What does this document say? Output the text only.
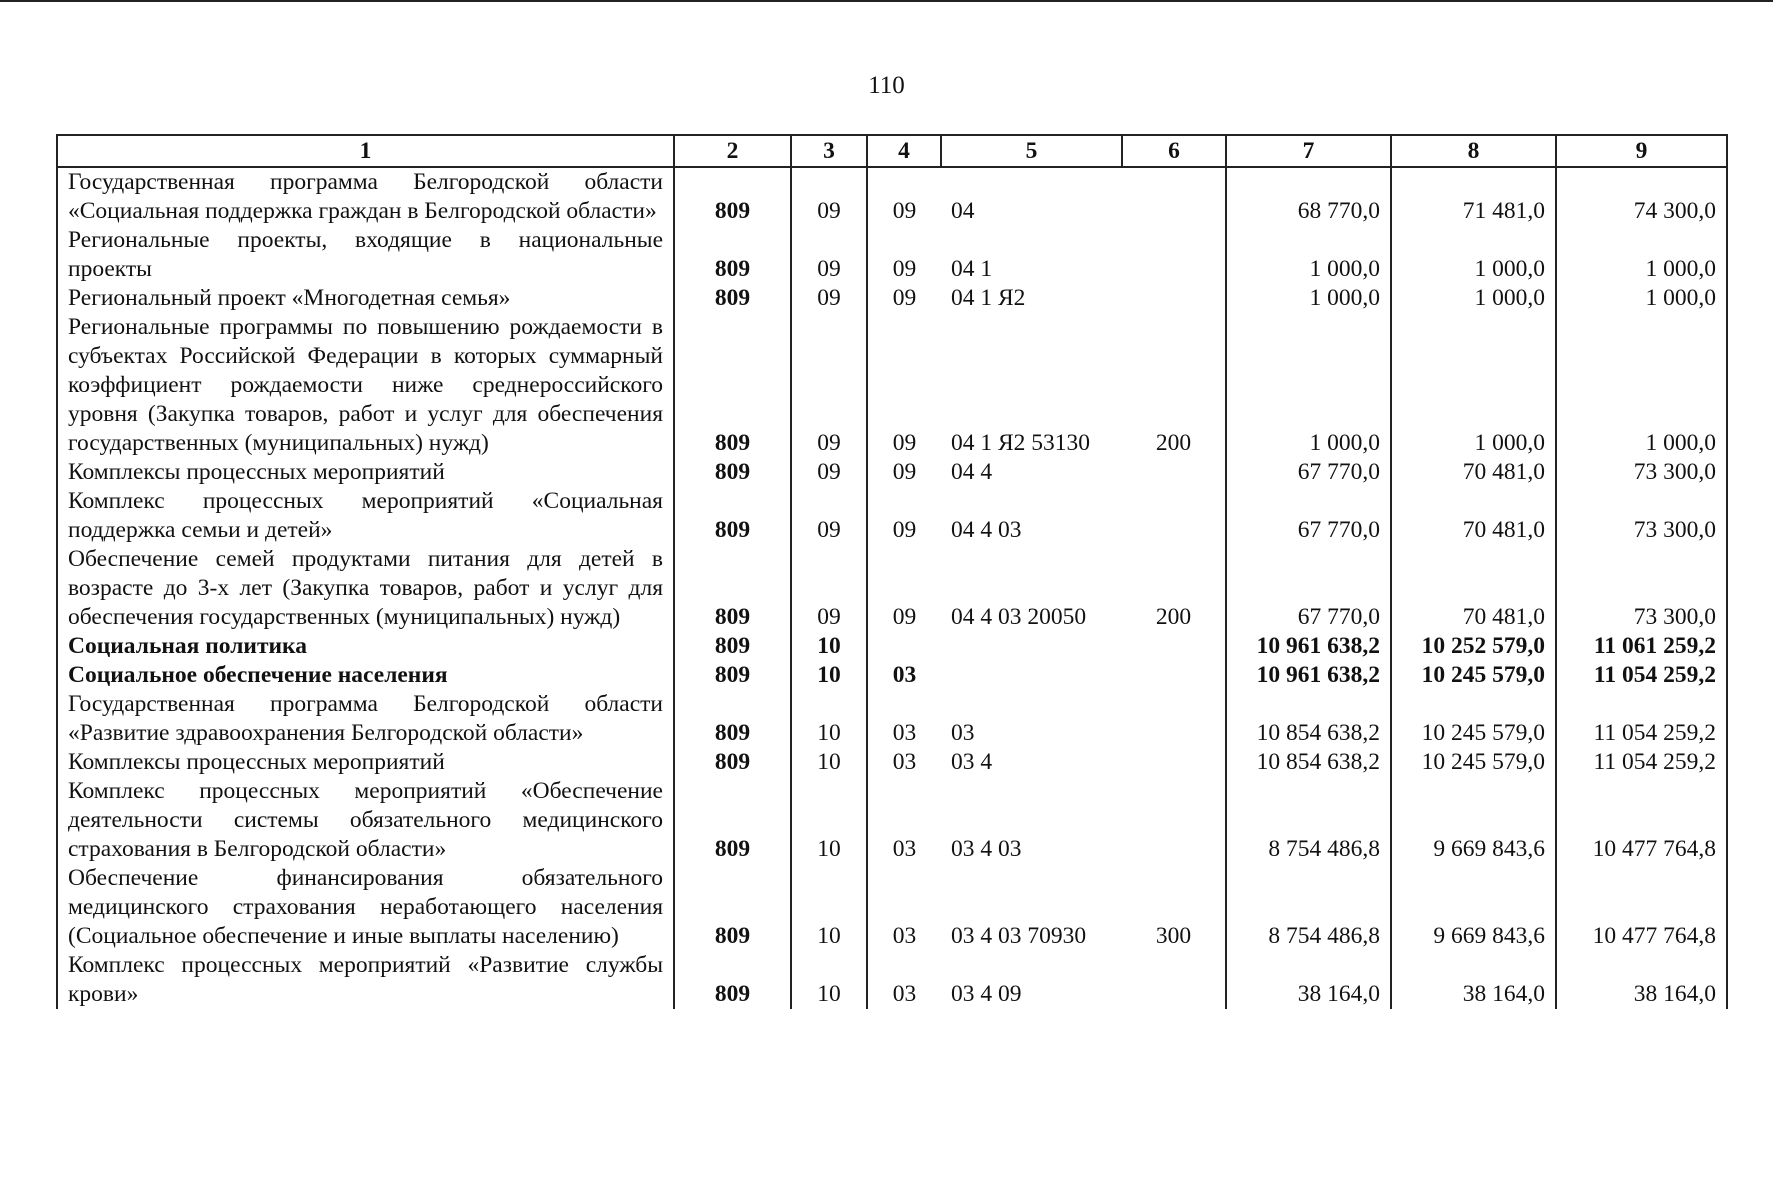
110
1	2	3	4	5	6	7	8	9
Государственная программа Белгородской области «Социальная поддержка граждан в Белгородской области»	809	09	09	04		68 770,0	71 481,0	74 300,0
Региональные проекты, входящие в национальные проекты	809	09	09	04 1		1 000,0	1 000,0	1 000,0
Региональный проект «Многодетная семья»	809	09	09	04 1 Я2		1 000,0	1 000,0	1 000,0
Региональные программы по повышению рождаемости в субъектах Российской Федерации в которых суммарный коэффициент рождаемости ниже среднероссийского уровня (Закупка товаров, работ и услуг для обеспечения государственных (муниципальных) нужд)	809	09	09	04 1 Я2 53130	200	1 000,0	1 000,0	1 000,0
Комплексы процессных мероприятий	809	09	09	04 4		67 770,0	70 481,0	73 300,0
Комплекс процессных мероприятий «Социальная поддержка семьи и детей»	809	09	09	04 4 03		67 770,0	70 481,0	73 300,0
Обеспечение семей продуктами питания для детей в возрасте до 3-х лет (Закупка товаров, работ и услуг для обеспечения государственных (муниципальных) нужд)	809	09	09	04 4 03 20050	200	67 770,0	70 481,0	73 300,0
Социальная политика	809	10				10 961 638,2	10 252 579,0	11 061 259,2
Социальное обеспечение населения	809	10	03			10 961 638,2	10 245 579,0	11 054 259,2
Государственная программа Белгородской области «Развитие здравоохранения Белгородской области»	809	10	03	03		10 854 638,2	10 245 579,0	11 054 259,2
Комплексы процессных мероприятий	809	10	03	03 4		10 854 638,2	10 245 579,0	11 054 259,2
Комплекс процессных мероприятий «Обеспечение деятельности системы обязательного медицинского страхования в Белгородской области»	809	10	03	03 4 03		8 754 486,8	9 669 843,6	10 477 764,8
Обеспечение финансирования обязательного медицинского страхования неработающего населения (Социальное обеспечение и иные выплаты населению)	809	10	03	03 4 03 70930	300	8 754 486,8	9 669 843,6	10 477 764,8
Комплекс процессных мероприятий «Развитие службы крови»	809	10	03	03 4 09		38 164,0	38 164,0	38 164,0
